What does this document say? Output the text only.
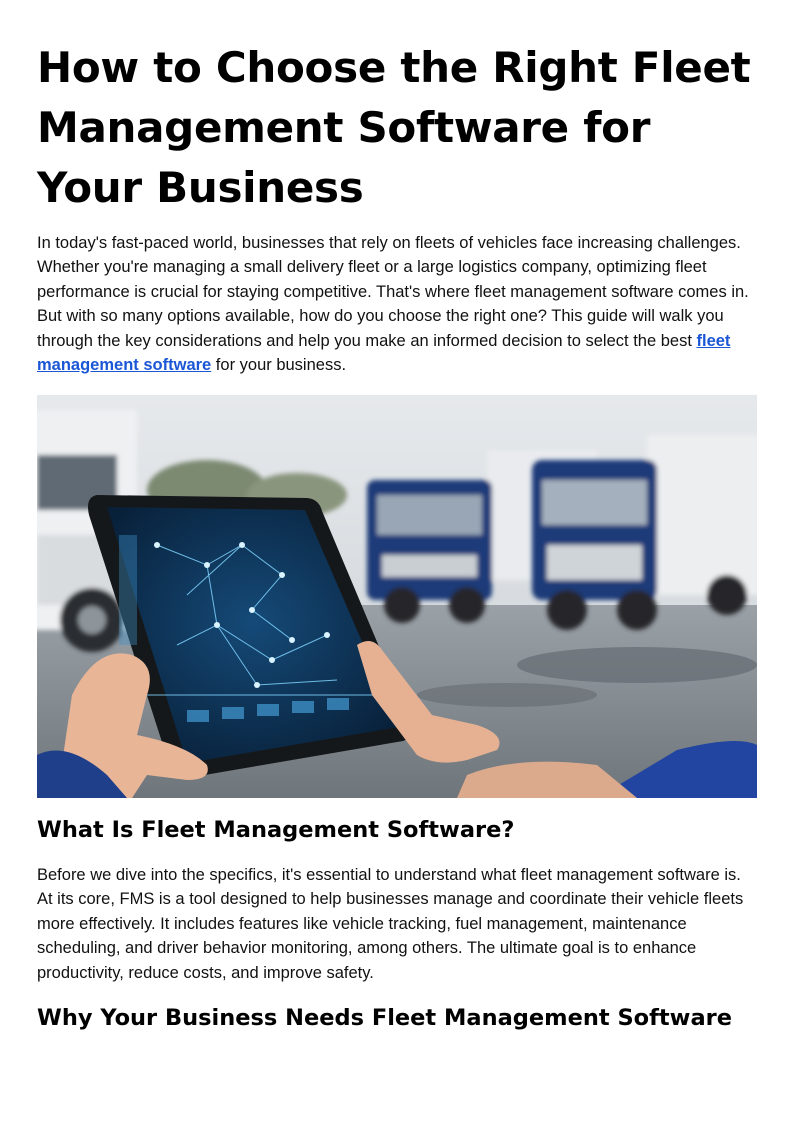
How to Choose the Right Fleet Management Software for Your Business

In today's fast-paced world, businesses that rely on fleets of vehicles face increasing challenges. Whether you're managing a small delivery fleet or a large logistics company, optimizing fleet performance is crucial for staying competitive. That's where fleet management software comes in. But with so many options available, how do you choose the right one? This guide will walk you through the key considerations and help you make an informed decision to select the best fleet management software for your business.

What Is Fleet Management Software?

Before we dive into the specifics, it's essential to understand what fleet management software is. At its core, FMS is a tool designed to help businesses manage and coordinate their vehicle fleets more effectively. It includes features like vehicle tracking, fuel management, maintenance scheduling, and driver behavior monitoring, among others. The ultimate goal is to enhance productivity, reduce costs, and improve safety.

Why Your Business Needs Fleet Management Software
